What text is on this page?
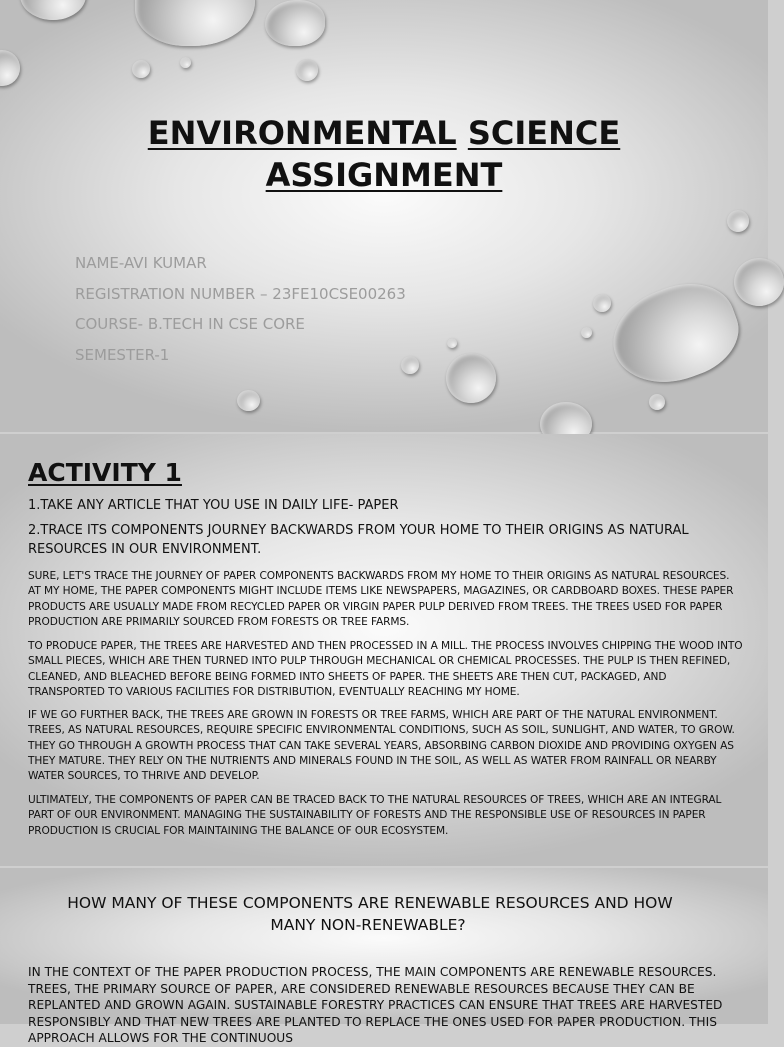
ENVIRONMENTAL SCIENCE
ASSIGNMENT
NAME-AVI KUMAR
REGISTRATION NUMBER – 23FE10CSE00263
COURSE- B.TECH IN CSE CORE
SEMESTER-1
ACTIVITY 1
1.TAKE ANY ARTICLE THAT YOU USE IN DAILY LIFE- PAPER
2.TRACE ITS COMPONENTS JOURNEY BACKWARDS FROM YOUR HOME TO THEIR ORIGINS AS NATURAL RESOURCES IN OUR ENVIRONMENT.
SURE, LET'S TRACE THE JOURNEY OF PAPER COMPONENTS BACKWARDS FROM MY HOME TO THEIR ORIGINS AS NATURAL RESOURCES. AT MY HOME, THE PAPER COMPONENTS MIGHT INCLUDE ITEMS LIKE NEWSPAPERS, MAGAZINES, OR CARDBOARD BOXES. THESE PAPER PRODUCTS ARE USUALLY MADE FROM RECYCLED PAPER OR VIRGIN PAPER PULP DERIVED FROM TREES. THE TREES USED FOR PAPER PRODUCTION ARE PRIMARILY SOURCED FROM FORESTS OR TREE FARMS.
TO PRODUCE PAPER, THE TREES ARE HARVESTED AND THEN PROCESSED IN A MILL. THE PROCESS INVOLVES CHIPPING THE WOOD INTO SMALL PIECES, WHICH ARE THEN TURNED INTO PULP THROUGH MECHANICAL OR CHEMICAL PROCESSES. THE PULP IS THEN REFINED, CLEANED, AND BLEACHED BEFORE BEING FORMED INTO SHEETS OF PAPER. THE SHEETS ARE THEN CUT, PACKAGED, AND TRANSPORTED TO VARIOUS FACILITIES FOR DISTRIBUTION, EVENTUALLY REACHING MY HOME.
IF WE GO FURTHER BACK, THE TREES ARE GROWN IN FORESTS OR TREE FARMS, WHICH ARE PART OF THE NATURAL ENVIRONMENT. TREES, AS NATURAL RESOURCES, REQUIRE SPECIFIC ENVIRONMENTAL CONDITIONS, SUCH AS SOIL, SUNLIGHT, AND WATER, TO GROW. THEY GO THROUGH A GROWTH PROCESS THAT CAN TAKE SEVERAL YEARS, ABSORBING CARBON DIOXIDE AND PROVIDING OXYGEN AS THEY MATURE. THEY RELY ON THE NUTRIENTS AND MINERALS FOUND IN THE SOIL, AS WELL AS WATER FROM RAINFALL OR NEARBY WATER SOURCES, TO THRIVE AND DEVELOP.
ULTIMATELY, THE COMPONENTS OF PAPER CAN BE TRACED BACK TO THE NATURAL RESOURCES OF TREES, WHICH ARE AN INTEGRAL PART OF OUR ENVIRONMENT. MANAGING THE SUSTAINABILITY OF FORESTS AND THE RESPONSIBLE USE OF RESOURCES IN PAPER PRODUCTION IS CRUCIAL FOR MAINTAINING THE BALANCE OF OUR ECOSYSTEM.
HOW MANY OF THESE COMPONENTS ARE RENEWABLE RESOURCES AND HOW
MANY NON-RENEWABLE?
IN THE CONTEXT OF THE PAPER PRODUCTION PROCESS, THE MAIN COMPONENTS ARE RENEWABLE RESOURCES. TREES, THE PRIMARY SOURCE OF PAPER, ARE CONSIDERED RENEWABLE RESOURCES BECAUSE THEY CAN BE REPLANTED AND GROWN AGAIN. SUSTAINABLE FORESTRY PRACTICES CAN ENSURE THAT TREES ARE HARVESTED RESPONSIBLY AND THAT NEW TREES ARE PLANTED TO REPLACE THE ONES USED FOR PAPER PRODUCTION. THIS APPROACH ALLOWS FOR THE CONTINUOUS
